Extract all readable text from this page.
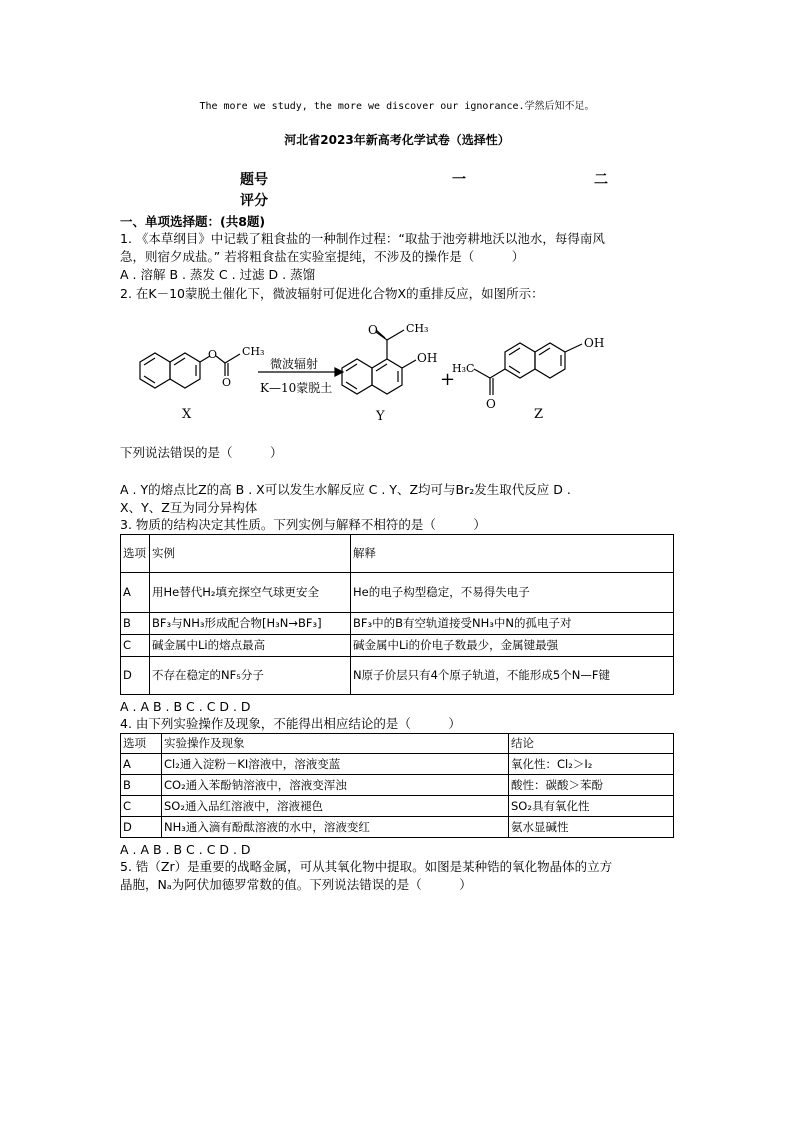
The more we study, the more we discover our ignorance.学然后知不足。
河北省2023年新高考化学试卷（选择性）
题号	一	二
评分
一、单项选择题：(共8题)
1. 《本草纲目》中记载了粗食盐的一种制作过程：“取盐于池旁耕地沃以池水，每得南风
急，则宿夕成盐。” 若将粗食盐在实验室提纯，不涉及的操作是（　　　）
A . 溶解 B . 蒸发 C . 过滤 D . 蒸馏
2. 在K－10蒙脱土催化下，微波辐射可促进化合物X的重排反应，如图所示：
CH₃
O
O
微波辐射
K—10蒙脱土
O	CH₃
OH
+
H₃C
O
OH
X	Y	Z
下列说法错误的是（　　　）
A . Y的熔点比Z的高 B . X可以发生水解反应 C . Y、Z均可与Br₂发生取代反应 D .
X、Y、Z互为同分异构体
3. 物质的结构决定其性质。下列实例与解释不相符的是（　　　）
选项	实例	解释
A	用He替代H₂填充探空气球更安全	He的电子构型稳定，不易得失电子
B	BF₃与NH₃形成配合物[H₃N→BF₃]	BF₃中的B有空轨道接受NH₃中N的孤电子对
C	碱金属中Li的熔点最高	碱金属中Li的价电子数最少，金属键最强
D	不存在稳定的NF₅分子	N原子价层只有4个原子轨道，不能形成5个N—F键
A . A B . B C . C D . D
4. 由下列实验操作及现象，不能得出相应结论的是（　　　）
选项	实验操作及现象	结论
A	Cl₂通入淀粉－KI溶液中，溶液变蓝	氧化性：Cl₂＞I₂
B	CO₂通入苯酚钠溶液中，溶液变浑浊	酸性：碳酸＞苯酚
C	SO₂通入品红溶液中，溶液褪色	SO₂具有氧化性
D	NH₃通入滴有酚酞溶液的水中，溶液变红	氨水显碱性
A . A B . B C . C D . D
5. 锆（Zr）是重要的战略金属，可从其氧化物中提取。如图是某种锆的氧化物晶体的立方
晶胞，Nₐ为阿伏加德罗常数的值。下列说法错误的是（　　　）
